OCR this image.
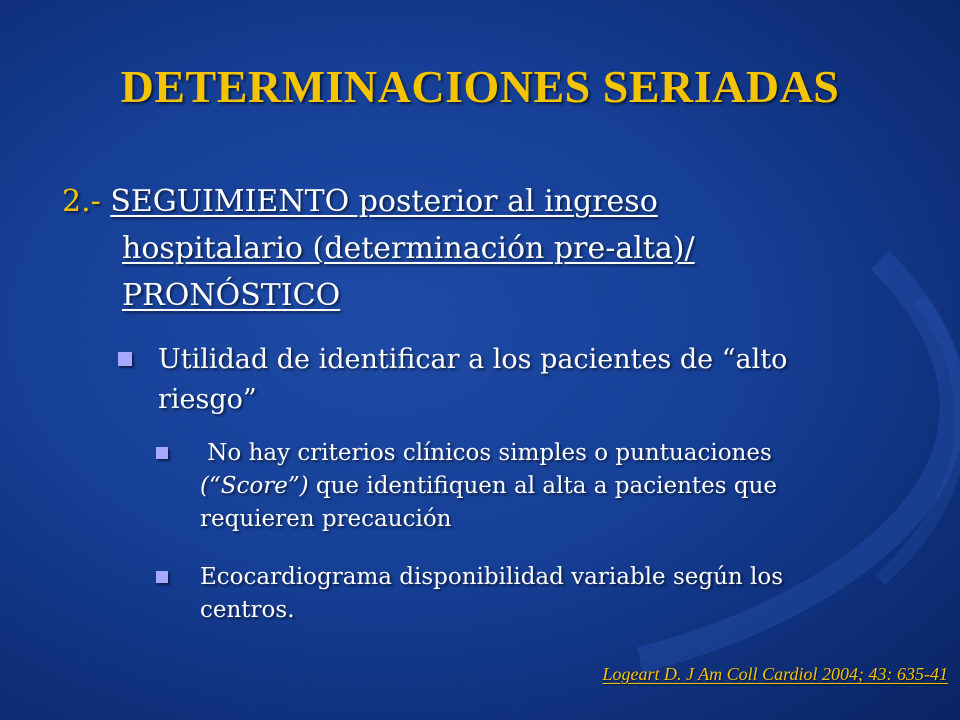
DETERMINACIONES SERIADAS
2.- SEGUIMIENTO posterior al ingreso
hospitalario (determinación pre-alta)/
PRONÓSTICO
Utilidad de identificar a los pacientes de “alto
riesgo”
No hay criterios clínicos simples o puntuaciones
(“Score”) que identifiquen al alta a pacientes que
requieren precaución
Ecocardiograma disponibilidad variable según los
centros.
Logeart D. J Am Coll Cardiol 2004; 43: 635-41
